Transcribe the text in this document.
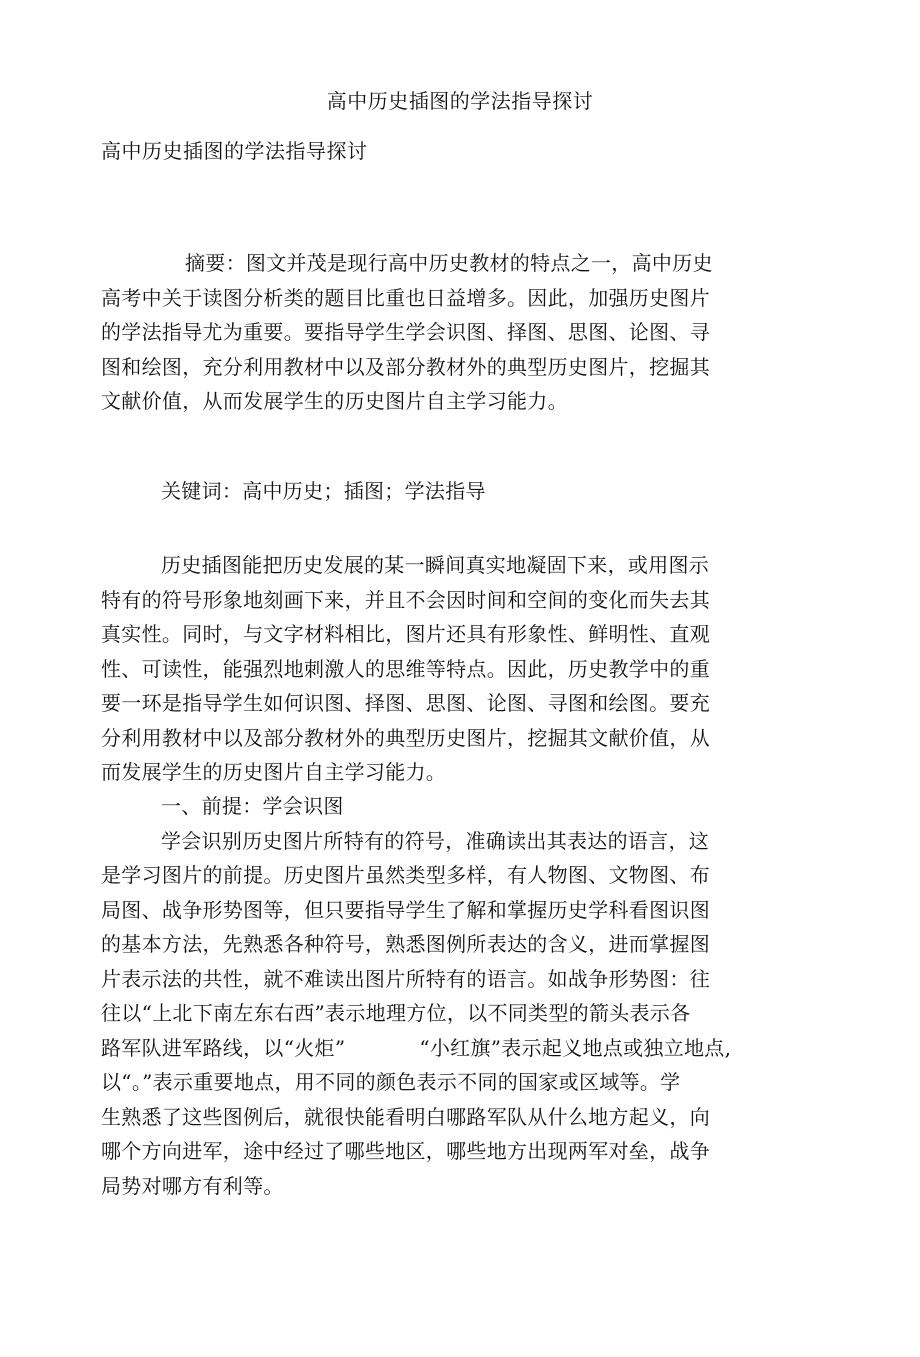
高中历史插图的学法指导探讨
高中历史插图的学法指导探讨
摘要：图文并茂是现行高中历史教材的特点之一，高中历史
高考中关于读图分析类的题目比重也日益增多。因此，加强历史图片
的学法指导尤为重要。要指导学生学会识图、择图、思图、论图、寻
图和绘图，充分利用教材中以及部分教材外的典型历史图片，挖掘其
文献价值，从而发展学生的历史图片自主学习能力。
关键词：高中历史；插图；学法指导
历史插图能把历史发展的某一瞬间真实地凝固下来，或用图示
特有的符号形象地刻画下来，并且不会因时间和空间的变化而失去其
真实性。同时，与文字材料相比，图片还具有形象性、鲜明性、直观
性、可读性，能强烈地刺激人的思维等特点。因此，历史教学中的重
要一环是指导学生如何识图、择图、思图、论图、寻图和绘图。要充
分利用教材中以及部分教材外的典型历史图片，挖掘其文献价值，从
而发展学生的历史图片自主学习能力。
一、前提：学会识图
学会识别历史图片所特有的符号，准确读出其表达的语言，这
是学习图片的前提。历史图片虽然类型多样，有人物图、文物图、布
局图、战争形势图等，但只要指导学生了解和掌握历史学科看图识图
的基本方法，先熟悉各种符号，熟悉图例所表达的含义，进而掌握图
片表示法的共性，就不难读出图片所特有的语言。如战争形势图：往
往以“上北下南左东右西”表示地理方位，以不同类型的箭头表示各
路军队进军路线，以“火炬”	“小红旗”表示起义地点或独立地点,
以“。”表示重要地点，用不同的颜色表示不同的国家或区域等。学
生熟悉了这些图例后，就很快能看明白哪路军队从什么地方起义，向
哪个方向进军，途中经过了哪些地区，哪些地方出现两军对垒，战争
局势对哪方有利等。
